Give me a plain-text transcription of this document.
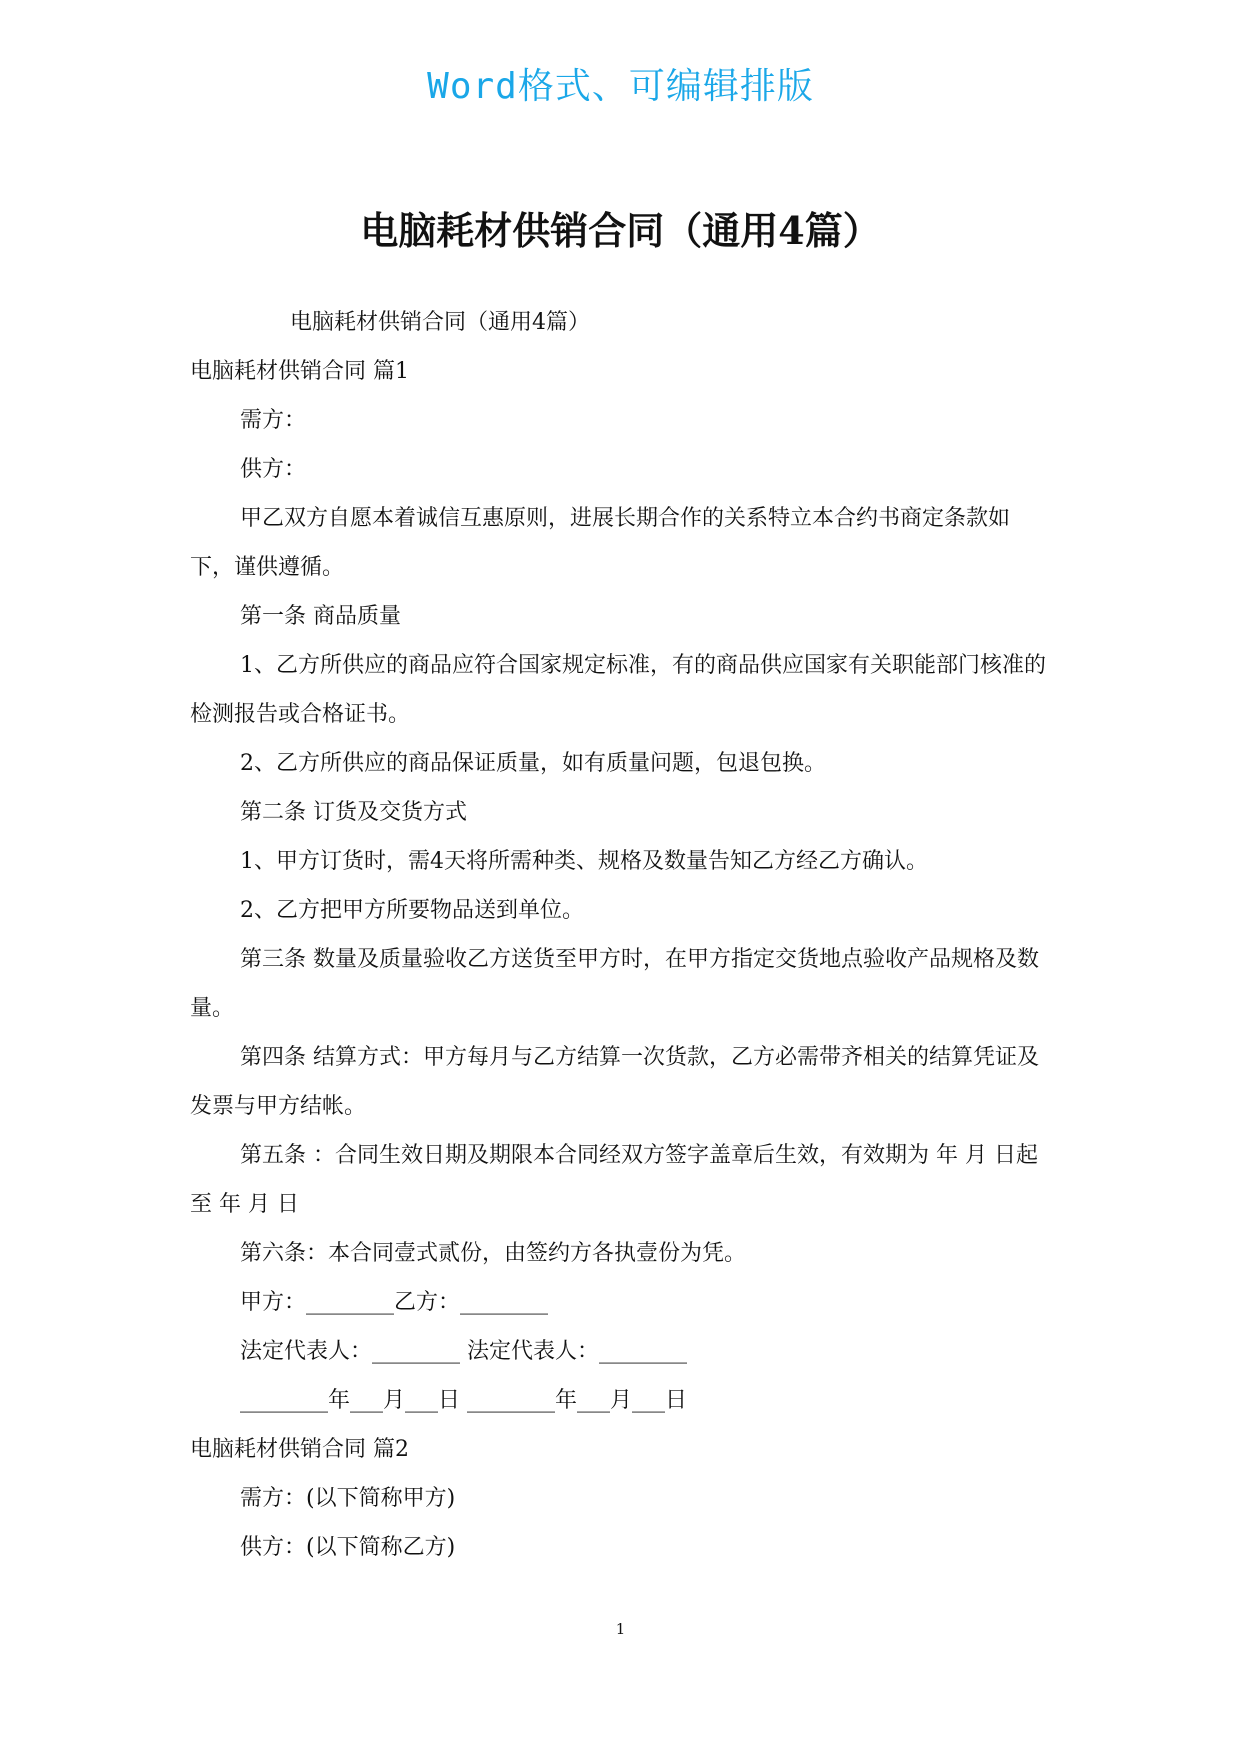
Word格式、可编辑排版
电脑耗材供销合同（通用4篇）

电脑耗材供销合同（通用4篇）

电脑耗材供销合同 篇1

需方：

供方：

甲乙双方自愿本着诚信互惠原则，进展长期合作的关系特立本合约书商定条款如下，谨供遵循。

第一条 商品质量

1、乙方所供应的商品应符合国家规定标准，有的商品供应国家有关职能部门核准的检测报告或合格证书。

2、乙方所供应的商品保证质量，如有质量问题，包退包换。

第二条 订货及交货方式

1、甲方订货时，需4天将所需种类、规格及数量告知乙方经乙方确认。

2、乙方把甲方所要物品送到单位。

第三条 数量及质量验收乙方送货至甲方时，在甲方指定交货地点验收产品规格及数量。

第四条 结算方式：甲方每月与乙方结算一次货款，乙方必需带齐相关的结算凭证及发票与甲方结帐。

第五条 ：合同生效日期及期限本合同经双方签字盖章后生效，有效期为 年 月 日起至 年 月 日

第六条：本合同壹式贰份，由签约方各执壹份为凭。

甲方：________乙方：________

法定代表人：________ 法定代表人：________

________年___月___日 ________年___月___日

电脑耗材供销合同 篇2

需方：(以下简称甲方)

供方：(以下简称乙方)

1
